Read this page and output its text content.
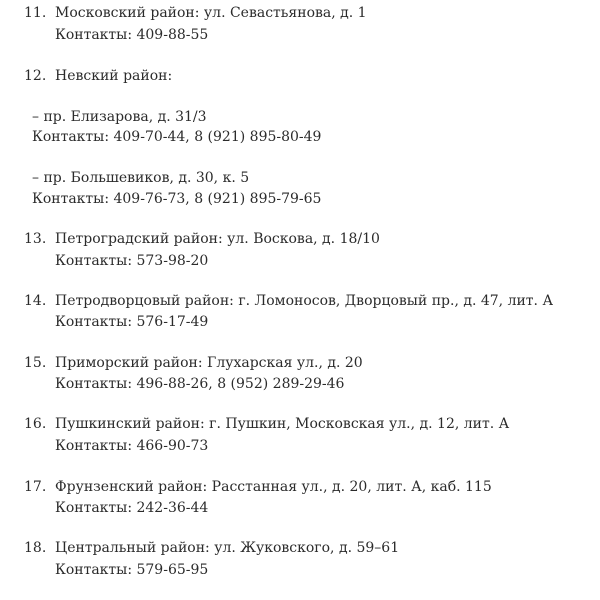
11. Московский район: ул. Севастьянова, д. 1
Контакты: 409-88-55
12. Невский район:
– пр. Елизарова, д. 31/3
Контакты: 409-70-44, 8 (921) 895-80-49
– пр. Большевиков, д. 30, к. 5
Контакты: 409-76-73, 8 (921) 895-79-65
13. Петроградский район: ул. Воскова, д. 18/10
Контакты: 573-98-20
14. Петродворцовый район: г. Ломоносов, Дворцовый пр., д. 47, лит. А
Контакты: 576-17-49
15. Приморский район: Глухарская ул., д. 20
Контакты: 496-88-26, 8 (952) 289-29-46
16. Пушкинский район: г. Пушкин, Московская ул., д. 12, лит. А
Контакты: 466-90-73
17. Фрунзенский район: Расстанная ул., д. 20, лит. А, каб. 115
Контакты: 242-36-44
18. Центральный район: ул. Жуковского, д. 59–61
Контакты: 579-65-95
